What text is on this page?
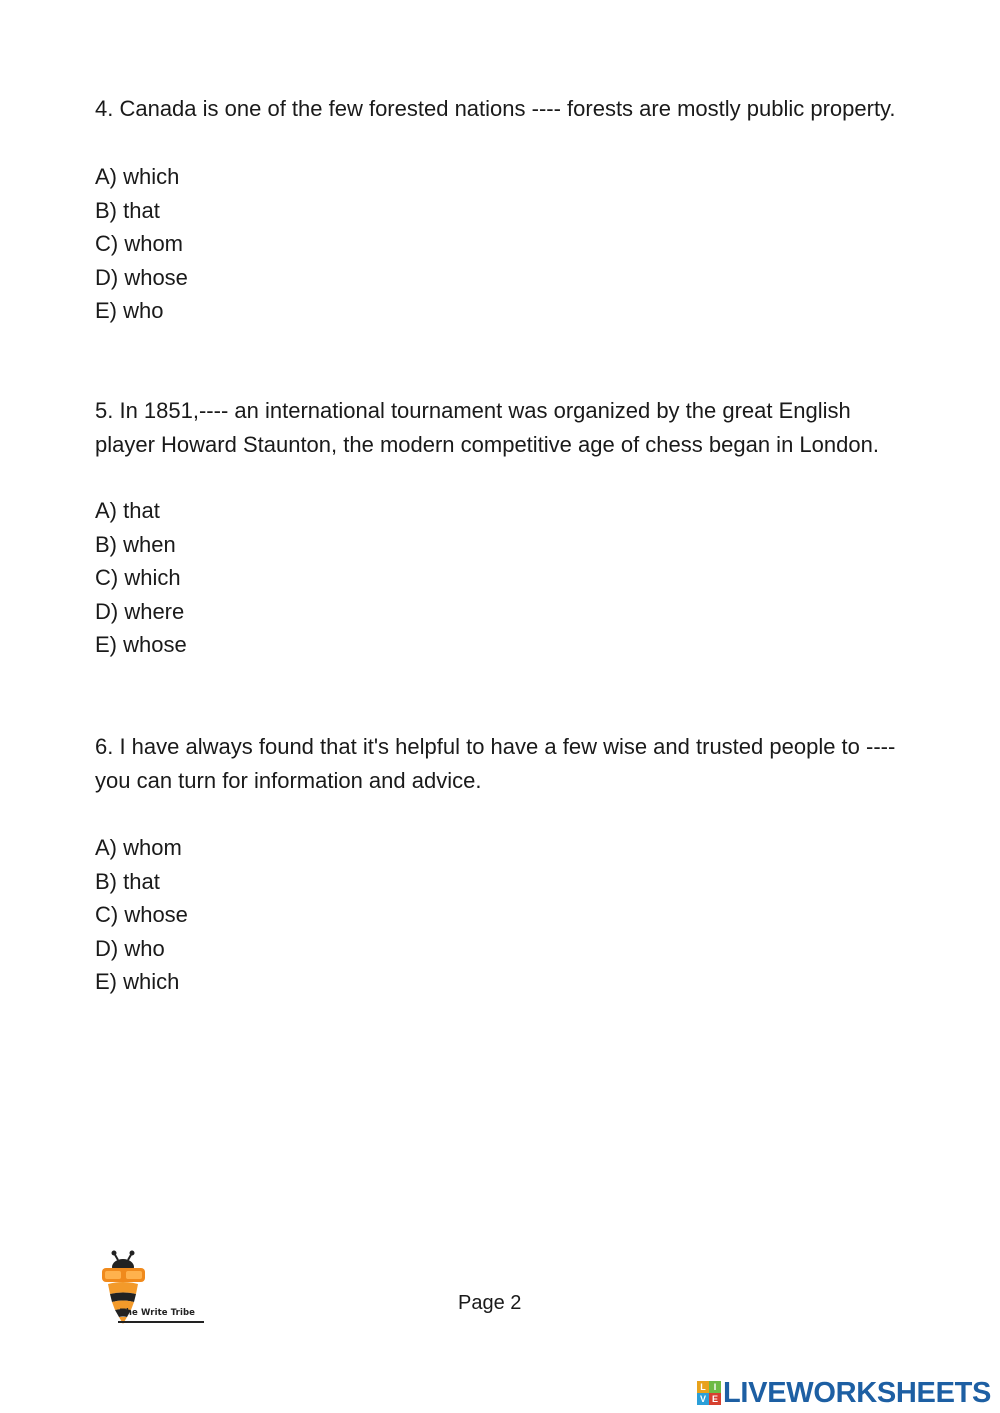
4. Canada is one of the few forested nations ---- forests are mostly public property.

A) which
B) that
C) whom
D) whose
E) who

5. In 1851,---- an international tournament was organized by the great English player Howard Staunton, the modern competitive age of chess began in London.

A) that
B) when
C) which
D) where
E) whose

6. I have always found that it's helpful to have a few wise and trusted people to ---- you can turn for information and advice.

A) whom
B) that
C) whose
D) who
E) which
The Write Tribe	Page 2
L I
V E LIVEWORKSHEETS
